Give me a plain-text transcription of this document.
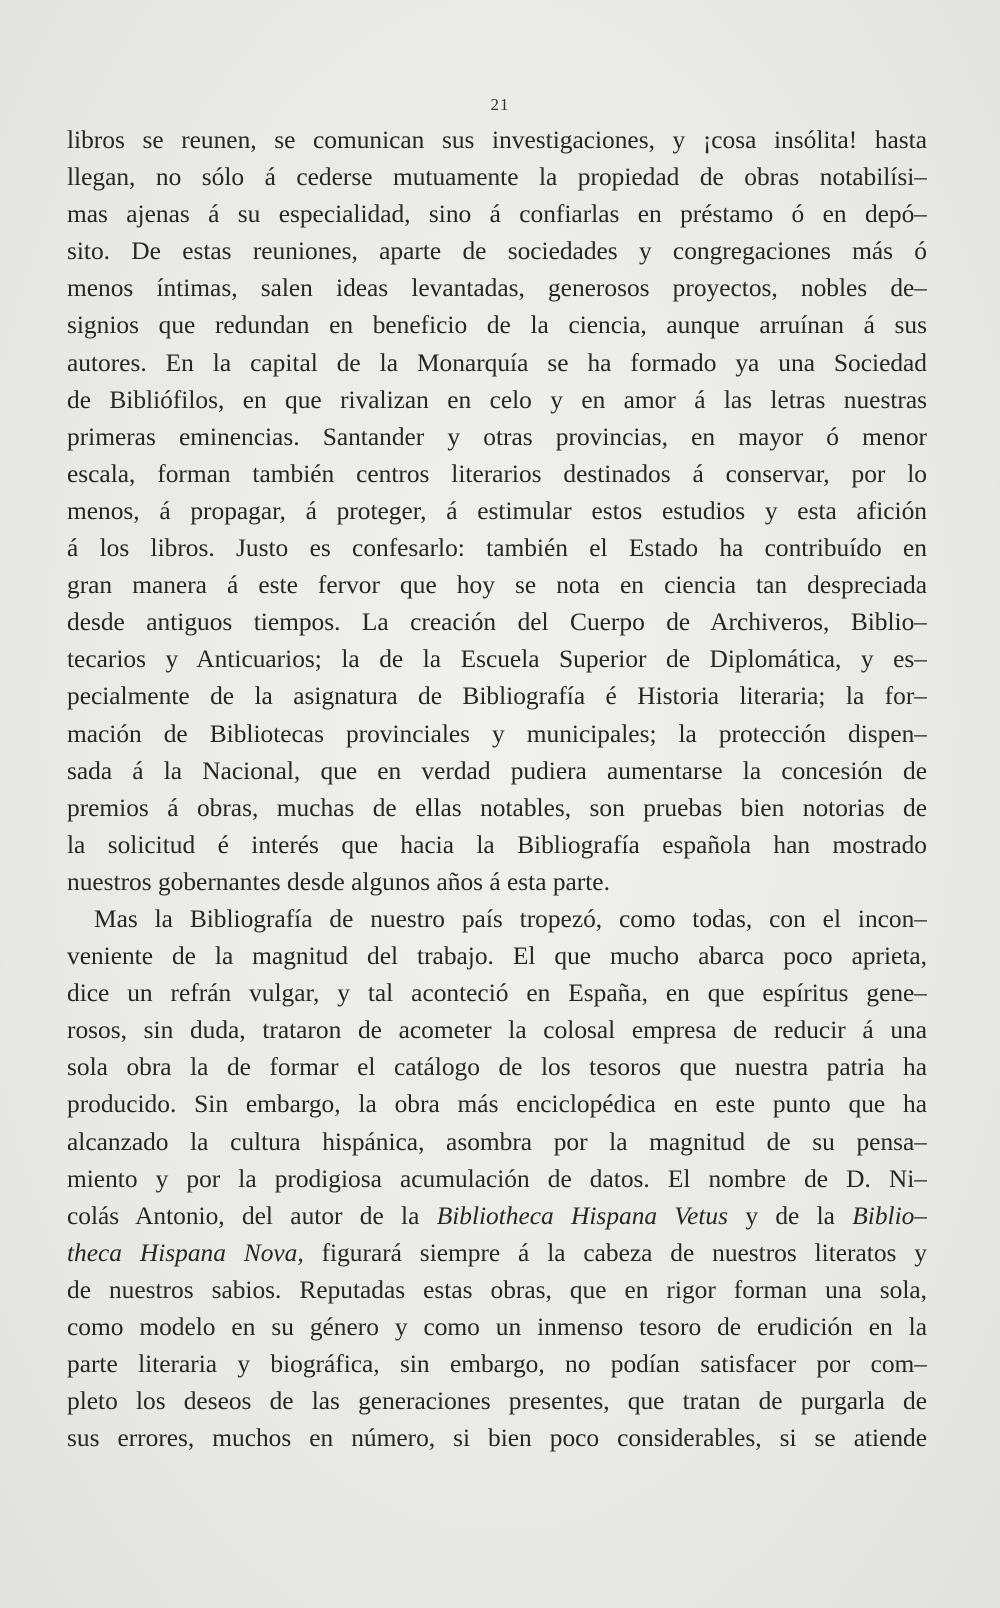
21
libros se reunen, se comunican sus investigaciones, y ¡cosa insólita! hasta
llegan, no sólo á cederse mutuamente la propiedad de obras notabilísi–
mas ajenas á su especialidad, sino á confiarlas en préstamo ó en depó–
sito. De estas reuniones, aparte de sociedades y congregaciones más ó
menos íntimas, salen ideas levantadas, generosos proyectos, nobles de–
signios que redundan en beneficio de la ciencia, aunque arruínan á sus
autores. En la capital de la Monarquía se ha formado ya una Sociedad
de Bibliófilos, en que rivalizan en celo y en amor á las letras nuestras
primeras eminencias. Santander y otras provincias, en mayor ó menor
escala, forman también centros literarios destinados á conservar, por lo
menos, á propagar, á proteger, á estimular estos estudios y esta afición
á los libros. Justo es confesarlo: también el Estado ha contribuído en
gran manera á este fervor que hoy se nota en ciencia tan despreciada
desde antiguos tiempos. La creación del Cuerpo de Archiveros, Biblio–
tecarios y Anticuarios; la de la Escuela Superior de Diplomática, y es–
pecialmente de la asignatura de Bibliografía é Historia literaria; la for–
mación de Bibliotecas provinciales y municipales; la protección dispen–
sada á la Nacional, que en verdad pudiera aumentarse la concesión de
premios á obras, muchas de ellas notables, son pruebas bien notorias de
la solicitud é interés que hacia la Bibliografía española han mostrado
nuestros gobernantes desde algunos años á esta parte.
Mas la Bibliografía de nuestro país tropezó, como todas, con el incon–
veniente de la magnitud del trabajo. El que mucho abarca poco aprieta,
dice un refrán vulgar, y tal aconteció en España, en que espíritus gene–
rosos, sin duda, trataron de acometer la colosal empresa de reducir á una
sola obra la de formar el catálogo de los tesoros que nuestra patria ha
producido. Sin embargo, la obra más enciclopédica en este punto que ha
alcanzado la cultura hispánica, asombra por la magnitud de su pensa–
miento y por la prodigiosa acumulación de datos. El nombre de D. Ni–
colás Antonio, del autor de la Bibliotheca Hispana Vetus y de la Biblio–
theca Hispana Nova, figurará siempre á la cabeza de nuestros literatos y
de nuestros sabios. Reputadas estas obras, que en rigor forman una sola,
como modelo en su género y como un inmenso tesoro de erudición en la
parte literaria y biográfica, sin embargo, no podían satisfacer por com–
pleto los deseos de las generaciones presentes, que tratan de purgarla de
sus errores, muchos en número, si bien poco considerables, si se atiende
